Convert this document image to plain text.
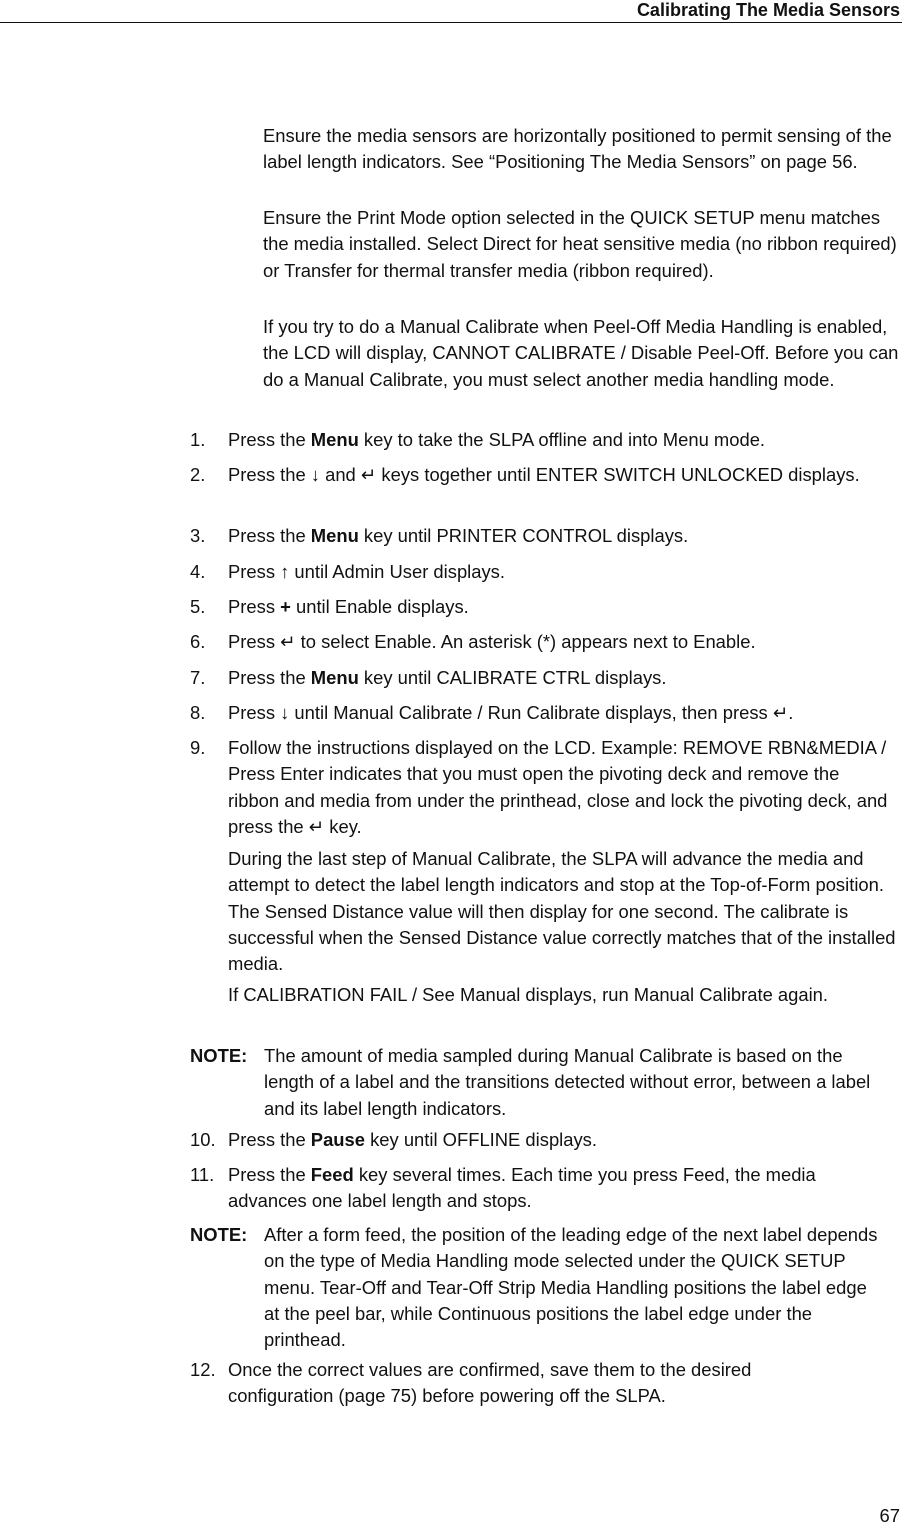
Calibrating The Media Sensors

Ensure the media sensors are horizontally positioned to permit sensing of the label length indicators. See “Positioning The Media Sensors” on page 56.

Ensure the Print Mode option selected in the QUICK SETUP menu matches the media installed. Select Direct for heat sensitive media (no ribbon required) or Transfer for thermal transfer media (ribbon required).

If you try to do a Manual Calibrate when Peel-Off Media Handling is enabled, the LCD will display, CANNOT CALIBRATE / Disable Peel-Off. Before you can do a Manual Calibrate, you must select another media handling mode.

1. Press the Menu key to take the SLPA offline and into Menu mode.

2. Press the ↓ and ↵ keys together until ENTER SWITCH UNLOCKED displays.

3. Press the Menu key until PRINTER CONTROL displays.

4. Press ↑ until Admin User displays.

5. Press + until Enable displays.

6. Press ↵ to select Enable. An asterisk (*) appears next to Enable.

7. Press the Menu key until CALIBRATE CTRL displays.

8. Press ↓ until Manual Calibrate / Run Calibrate displays, then press ↵.

9. Follow the instructions displayed on the LCD. Example: REMOVE RBN&MEDIA / Press Enter indicates that you must open the pivoting deck and remove the ribbon and media from under the printhead, close and lock the pivoting deck, and press the ↵ key.

During the last step of Manual Calibrate, the SLPA will advance the media and attempt to detect the label length indicators and stop at the Top-of-Form position. The Sensed Distance value will then display for one second. The calibrate is successful when the Sensed Distance value correctly matches that of the installed media.

If CALIBRATION FAIL / See Manual displays, run Manual Calibrate again.

NOTE: The amount of media sampled during Manual Calibrate is based on the length of a label and the transitions detected without error, between a label and its label length indicators.

10. Press the Pause key until OFFLINE displays.

11. Press the Feed key several times. Each time you press Feed, the media advances one label length and stops.

NOTE: After a form feed, the position of the leading edge of the next label depends on the type of Media Handling mode selected under the QUICK SETUP menu. Tear-Off and Tear-Off Strip Media Handling positions the label edge at the peel bar, while Continuous positions the label edge under the printhead.

12. Once the correct values are confirmed, save them to the desired configuration (page 75) before powering off the SLPA.

67
